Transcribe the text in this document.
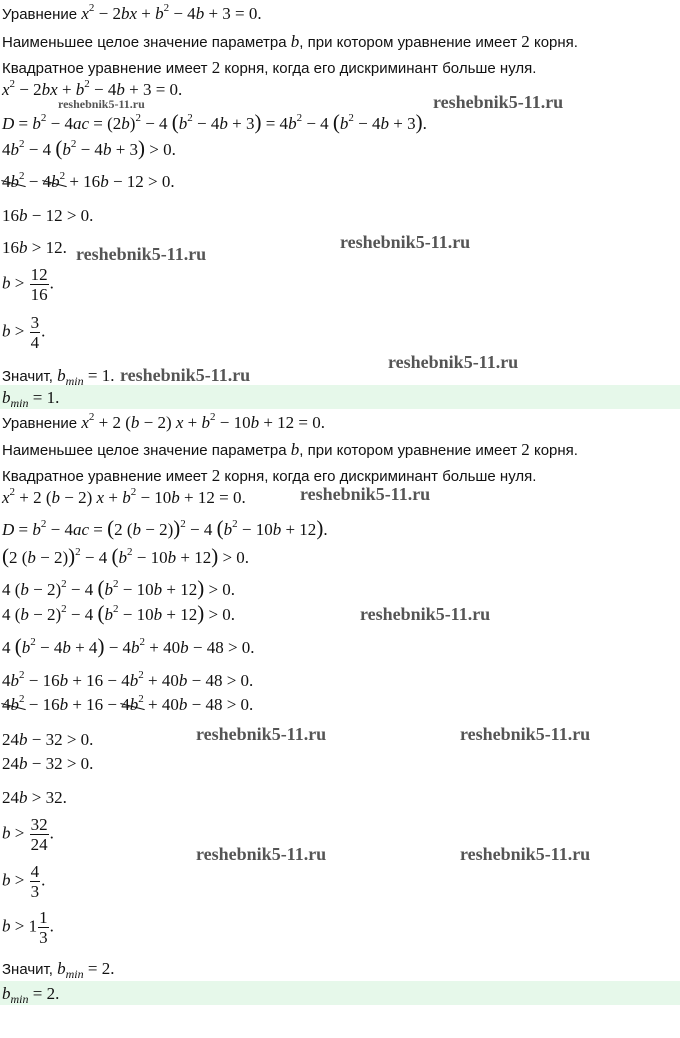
Уравнение $x^2 - 2bx + b^2 - 4b + 3 = 0$.
Наименьшее целое значение параметра b, при котором уравнение имеет 2 корня.
Квадратное уравнение имеет 2 корня, когда его дискриминант больше нуля.
$x^2 - 2bx + b^2 - 4b + 3 = 0$.
$D = b^2 - 4ac = (2b)^2 - 4$ $(b^2 - 4b + 3) = 4b^2 - 4$ $(b^2 - 4b + 3)$.
$4b^2 - 4$ $(b^2 - 4b + 3) > 0$.
$4b^2 - 4b^2 + 16b - 12 > 0$.
16b − 12 > 0.
16b > 12.
$b > \frac{12}{16}$ .
$b > \frac{3}{4}$ .
Значит, $b_{min} = 1$.
$b_{min} = 1$.
Уравнение $x^2 + 2$ (b − 2) $x + b^2 - 10b + 12 = 0$.
Наименьшее целое значение параметра b, при котором уравнение имеет 2 корня.
Квадратное уравнение имеет 2 корня, когда его дискриминант больше нуля.
$x^2 + 2$ (b − 2) $x + b^2 - 10b + 12 = 0$.
$D = b^2 - 4ac = (2$ (b − 2))$^2$ − 4 $(b^2 - 10b + 12)$.
(2 (b − 2))$^2$ − 4 $(b^2 - 10b + 12) > 0$.
4 $(b - 2)^2 - 4$ $(b^2 - 10b + 12) > 0$.
4 $(b - 2)^2 - 4$ $(b^2 - 10b + 12) > 0$.
4 $(b^2 - 4b + 4) - 4b^2 + 40b - 48 > 0$.
$4b^2 - 16b + 16 - 4b^2 + 40b - 48 > 0$.
$4b^2 - 16b + 16 - 4b^2 + 40b - 48 > 0$.
24b − 32 > 0.
24b − 32 > 0.
24b > 32.
$b > \frac{32}{24}$ .
$b > \frac{4}{3}$ .
$b > 1 \frac{1}{3}$ .
Значит, $b_{min} = 2$.
$b_{min} = 2$.
reshebnik5-11.ru	reshebnik5-11.ru
reshebnik5-11.ru
reshebnik5-11.ru
reshebnik5-11.ru
reshebnik5-11.ru
reshebnik5-11.ru
reshebnik5-11.ru
reshebnik5-11.ru	reshebnik5-11.ru
reshebnik5-11.ru	reshebnik5-11.ru
